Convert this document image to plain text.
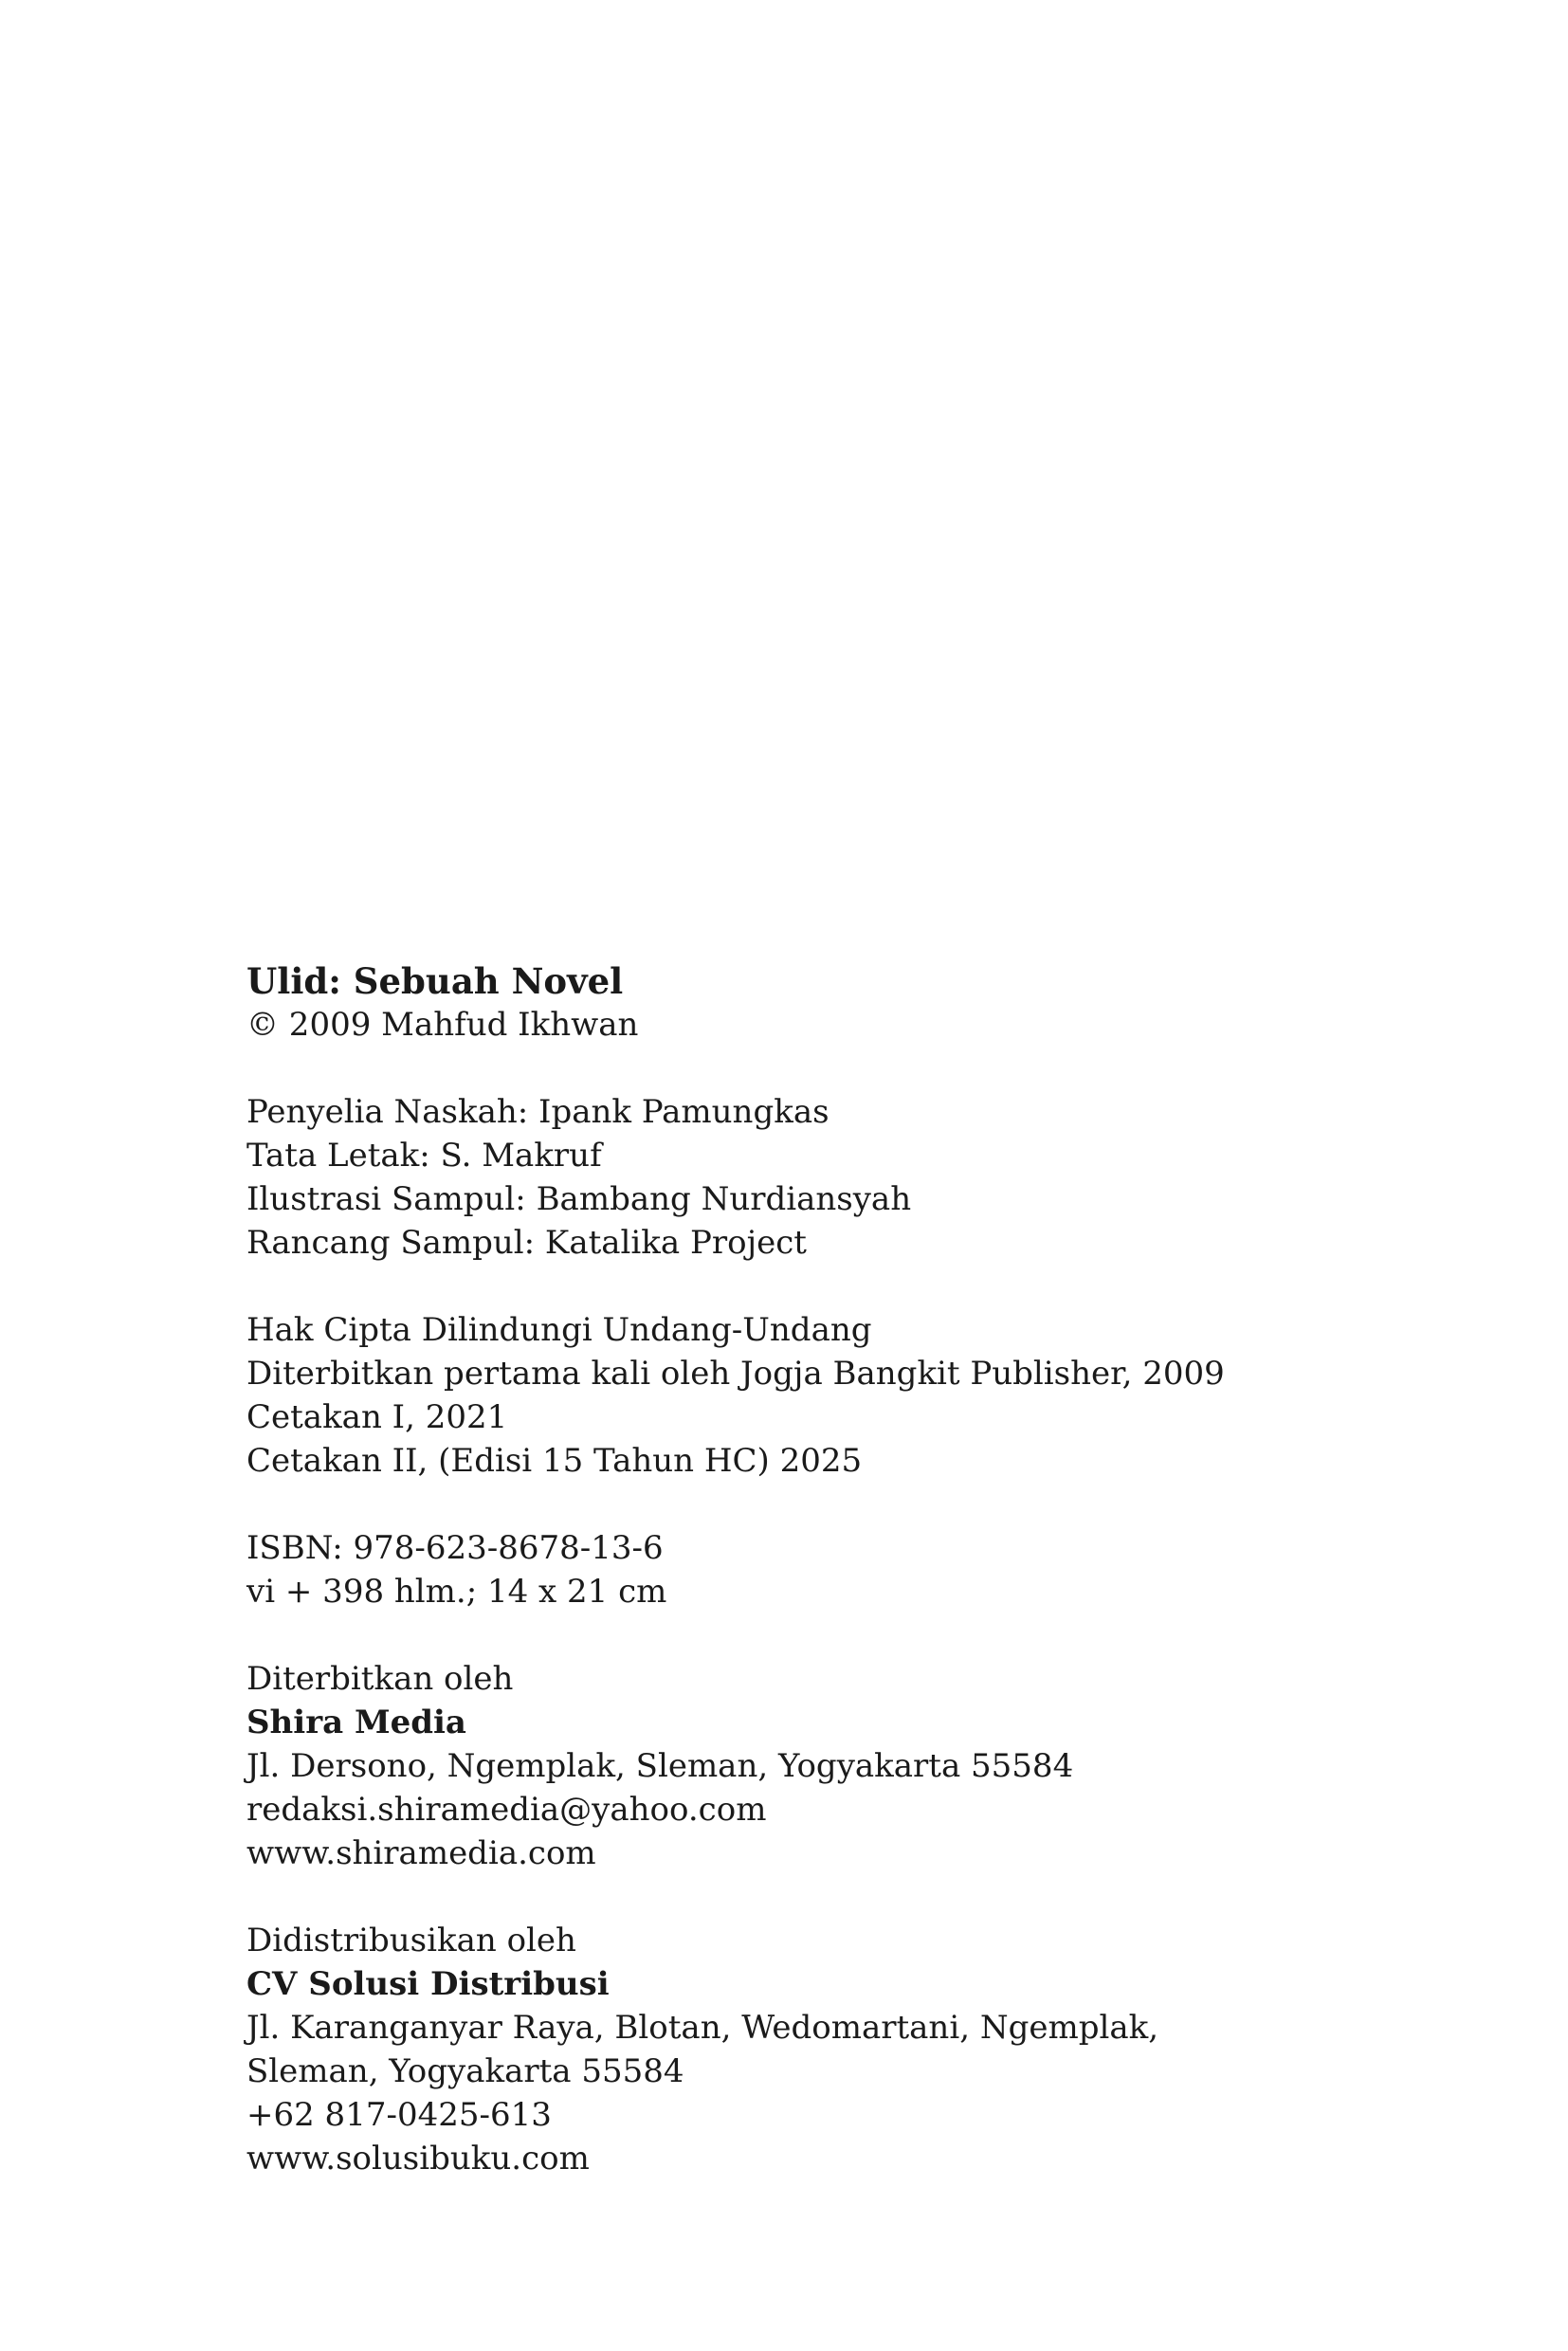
Ulid: Sebuah Novel
© 2009 Mahfud Ikhwan
Penyelia Naskah: Ipank Pamungkas
Tata Letak: S. Makruf
Ilustrasi Sampul: Bambang Nurdiansyah
Rancang Sampul: Katalika Project
Hak Cipta Dilindungi Undang-Undang
Diterbitkan pertama kali oleh Jogja Bangkit Publisher, 2009
Cetakan I, 2021
Cetakan II, (Edisi 15 Tahun HC) 2025
ISBN: 978-623-8678-13-6
vi + 398 hlm.; 14 x 21 cm
Diterbitkan oleh
Shira Media
Jl. Dersono, Ngemplak, Sleman, Yogyakarta 55584
redaksi.shiramedia@yahoo.com
www.shiramedia.com
Didistribusikan oleh
CV Solusi Distribusi
Jl. Karanganyar Raya, Blotan, Wedomartani, Ngemplak,
Sleman, Yogyakarta 55584
+62 817-0425-613
www.solusibuku.com
